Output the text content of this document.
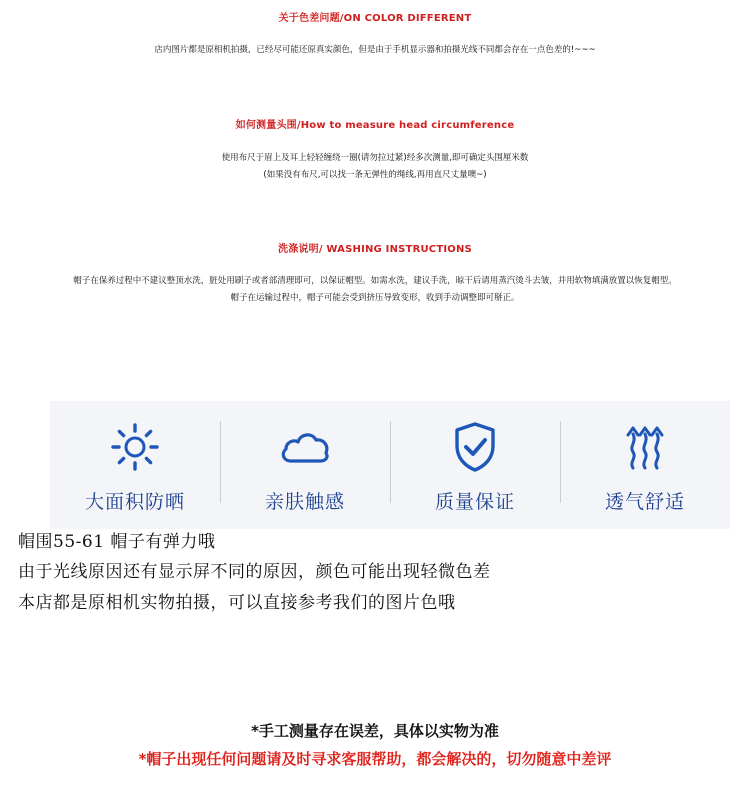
关于色差问题/ON COLOR DIFFERENT
店内图片都是原相机拍摄，已经尽可能还原真实颜色，但是由于手机显示器和拍摄光线不同都会存在一点色差的!~~~
如何测量头围/How to measure head circumference
使用布尺于眉上及耳上轻轻缠绕一圈(请勿拉过紧)经多次测量,即可确定头围厘米数
(如果没有布尺,可以找一条无弹性的绳线,再用直尺丈量噢~)
洗涤说明/ WASHING INSTRUCTIONS
帽子在保养过程中不建议整顶水洗，脏处用刷子或者部清理即可，以保证帽型。如需水洗，建议手洗，晾干后请用蒸汽烫斗去皱，并用软物填满放置以恢复帽型。
帽子在运输过程中，帽子可能会受到挤压导致变形，收到手动调整即可掰正。
大面积防晒	亲肤触感	质量保证	透气舒适
帽围55-61 帽子有弹力哦
由于光线原因还有显示屏不同的原因，颜色可能出现轻微色差
本店都是原相机实物拍摄，可以直接参考我们的图片色哦
*手工测量存在误差，具体以实物为准
*帽子出现任何问题请及时寻求客服帮助，都会解决的，切勿随意中差评
